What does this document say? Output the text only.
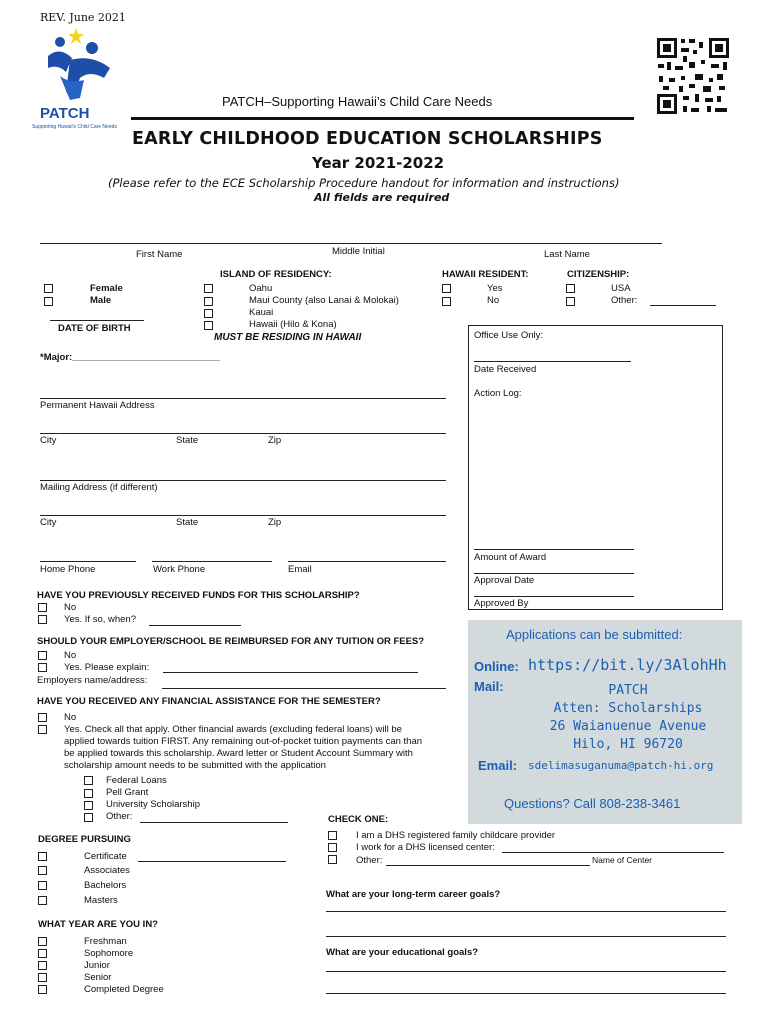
REV. June 2021
PATCH
Supporting Hawaii's Child Care Needs
PATCH–Supporting Hawaii’s Child Care Needs
EARLY CHILDHOOD EDUCATION SCHOLARSHIPS
Year 2021-2022
(Please refer to the ECE Scholarship Procedure handout for information and instructions)
All fields are required
First Name	Middle Initial	Last Name
Female
Male
DATE OF BIRTH
ISLAND OF RESIDENCY:
Oahu
Maui County (also Lanai & Molokai)
Kauai
Hawaii (Hilo & Kona)
MUST BE RESIDING IN HAWAII
HAWAII RESIDENT:
Yes
No
CITIZENSHIP:
USA
Other:
Office Use Only:
Date Received
Action Log:
Amount of Award
Approval Date
Approved By
*Major:____________________________
Permanent Hawaii Address
City	State	Zip
Mailing Address (if different)
City	State	Zip
Home Phone	Work Phone	Email
HAVE YOU PREVIOUSLY RECEIVED FUNDS FOR THIS SCHOLARSHIP?
No
Yes. If so, when?
SHOULD YOUR EMPLOYER/SCHOOL BE REIMBURSED FOR ANY TUITION OR FEES?
No
Yes. Please explain:
Employers name/address:
HAVE YOU RECEIVED ANY FINANCIAL ASSISTANCE FOR THE SEMESTER?
No
Yes. Check all that apply. Other financial awards (excluding federal loans) will be
applied towards tuition FIRST. Any remaining out-of-pocket tuition payments can than
be applied towards this scholarship. Award letter or Student Account Summary with
scholarship amount needs to be submitted with the application
Federal Loans
Pell Grant
University Scholarship
Other:
DEGREE PURSUING
Certificate
Associates
Bachelors
Masters
WHAT YEAR ARE YOU IN?
Freshman
Sophomore
Junior
Senior
Completed Degree
Applications can be submitted:
Online: https://bit.ly/3AlohHh
Mail:	PATCH
Atten: Scholarships
26 Waianuenue Avenue
Hilo, HI 96720
Email: sdelimasuganuma@patch-hi.org
Questions? Call 808-238-3461
CHECK ONE:
I am a DHS registered family childcare provider
I work for a DHS licensed center:
Other:	Name of Center
What are your long-term career goals?
What are your educational goals?
